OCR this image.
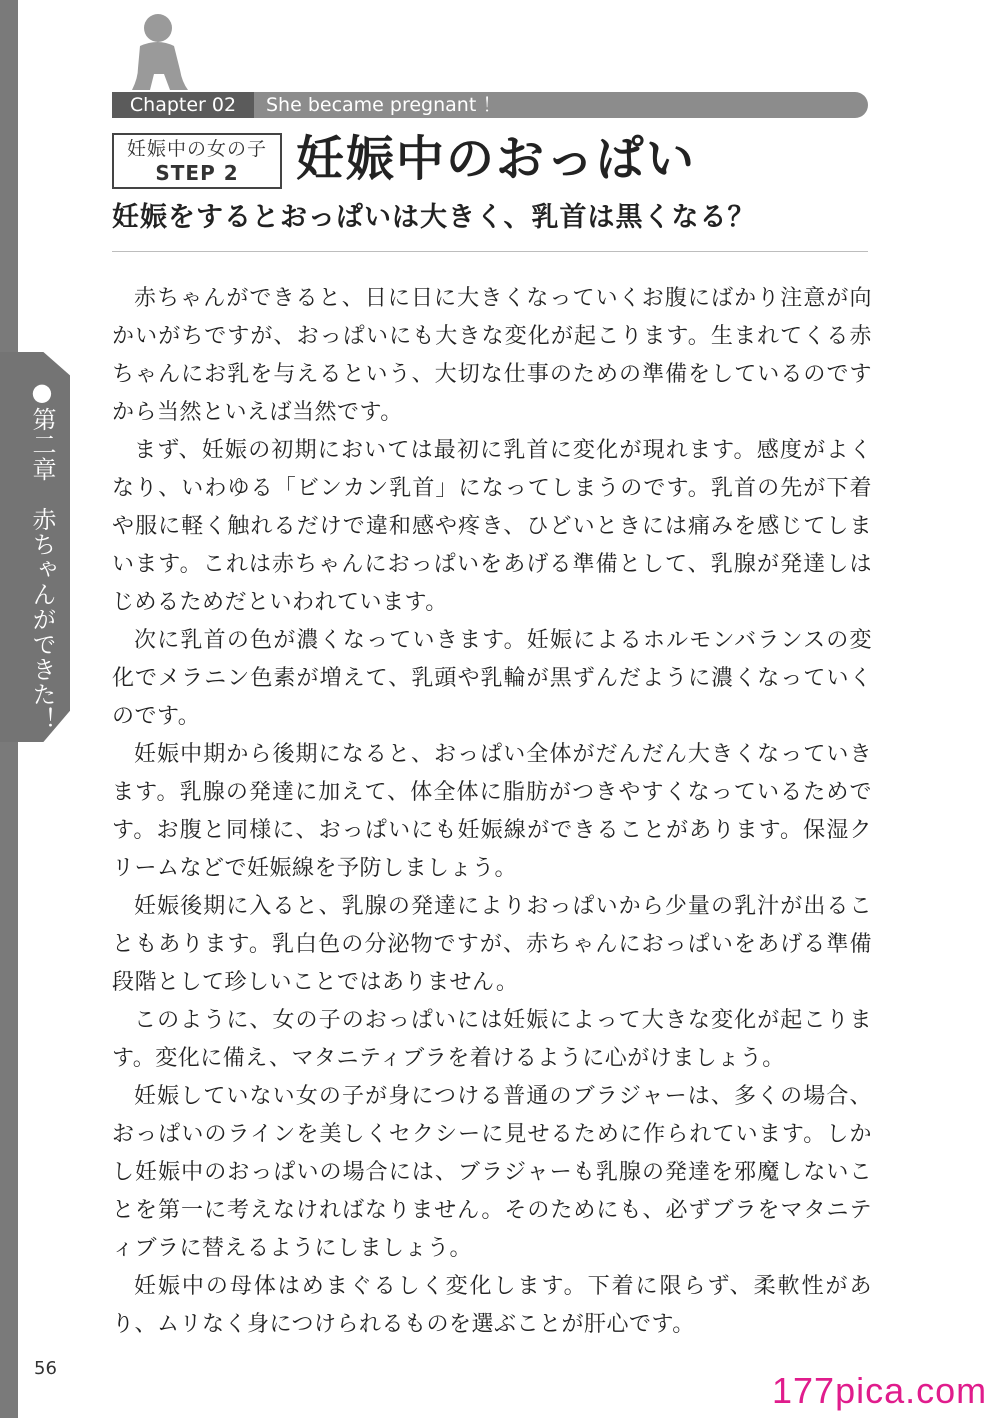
●第二章　赤ちゃんができた！
Chapter 02	She became pregnant ！
妊娠中の女の子
STEP 2	妊娠中のおっぱい
妊娠をするとおっぱいは大きく、乳首は黒くなる？

赤ちゃんができると、日に日に大きくなっていくお腹にばかり注意が向かいがちですが、おっぱいにも大きな変化が起こります。生まれてくる赤ちゃんにお乳を与えるという、大切な仕事のための準備をしているのですから当然といえば当然です。

まず、妊娠の初期においては最初に乳首に変化が現れます。感度がよくなり、いわゆる「ビンカン乳首」になってしまうのです。乳首の先が下着や服に軽く触れるだけで違和感や疼き、ひどいときには痛みを感じてしまいます。これは赤ちゃんにおっぱいをあげる準備として、乳腺が発達しはじめるためだといわれています。

次に乳首の色が濃くなっていきます。妊娠によるホルモンバランスの変化でメラニン色素が増えて、乳頭や乳輪が黒ずんだように濃くなっていくのです。

妊娠中期から後期になると、おっぱい全体がだんだん大きくなっていきます。乳腺の発達に加えて、体全体に脂肪がつきやすくなっているためです。お腹と同様に、おっぱいにも妊娠線ができることがあります。保湿クリームなどで妊娠線を予防しましょう。

妊娠後期に入ると、乳腺の発達によりおっぱいから少量の乳汁が出ることもあります。乳白色の分泌物ですが、赤ちゃんにおっぱいをあげる準備段階として珍しいことではありません。

このように、女の子のおっぱいには妊娠によって大きな変化が起こります。変化に備え、マタニティブラを着けるように心がけましょう。

妊娠していない女の子が身につける普通のブラジャーは、多くの場合、おっぱいのラインを美しくセクシーに見せるために作られています。しかし妊娠中のおっぱいの場合には、ブラジャーも乳腺の発達を邪魔しないことを第一に考えなければなりません。そのためにも、必ずブラをマタニティブラに替えるようにしましょう。

妊娠中の母体はめまぐるしく変化します。下着に限らず、柔軟性があり、ムリなく身につけられるものを選ぶことが肝心です。

56
177pica.com
